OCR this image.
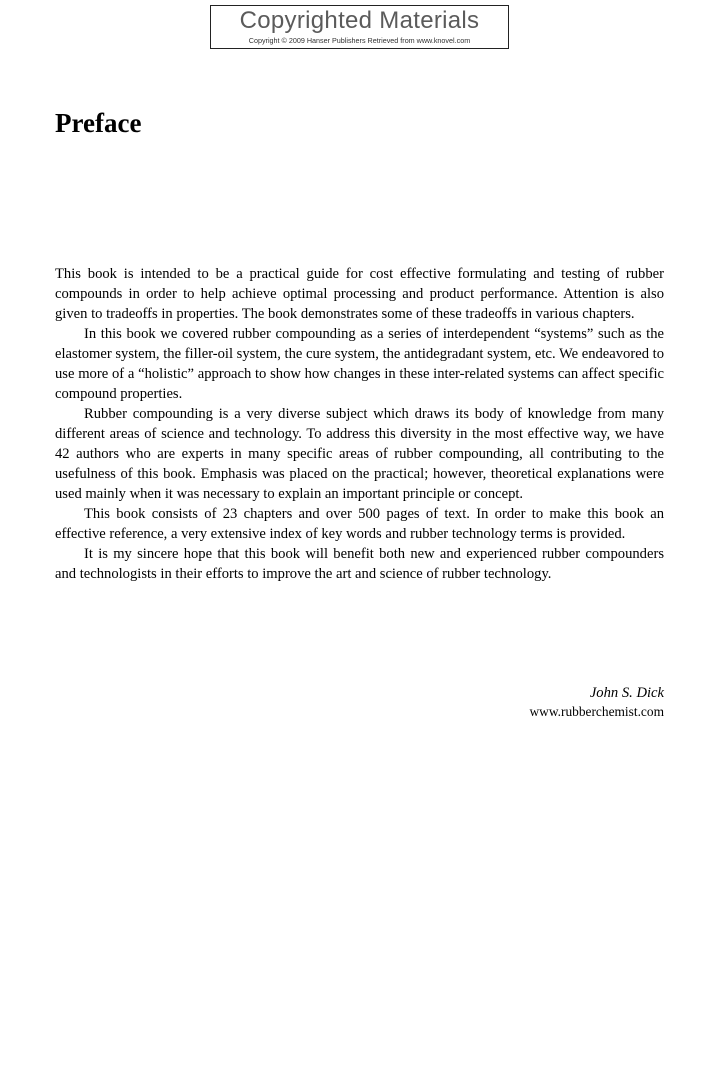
Copyrighted Materials
Copyright © 2009 Hanser Publishers Retrieved from www.knovel.com
Preface

This book is intended to be a practical guide for cost effective formulating and testing of rubber compounds in order to help achieve optimal processing and product performance. Attention is also given to tradeoffs in properties. The book demonstrates some of these tradeoffs in various chapters.

In this book we covered rubber compounding as a series of interdependent “systems” such as the elastomer system, the filler-oil system, the cure system, the antidegradant system, etc. We endeavored to use more of a “holistic” approach to show how changes in these inter-related systems can affect specific compound properties.

Rubber compounding is a very diverse subject which draws its body of knowledge from many different areas of science and technology. To address this diversity in the most effective way, we have 42 authors who are experts in many specific areas of rubber compounding, all contributing to the usefulness of this book. Emphasis was placed on the practical; however, theoretical explanations were used mainly when it was necessary to explain an important principle or concept.

This book consists of 23 chapters and over 500 pages of text. In order to make this book an effective reference, a very extensive index of key words and rubber technology terms is provided.

It is my sincere hope that this book will benefit both new and experienced rubber compounders and technologists in their efforts to improve the art and science of rubber technology.

John S. Dick
www.rubberchemist.com
